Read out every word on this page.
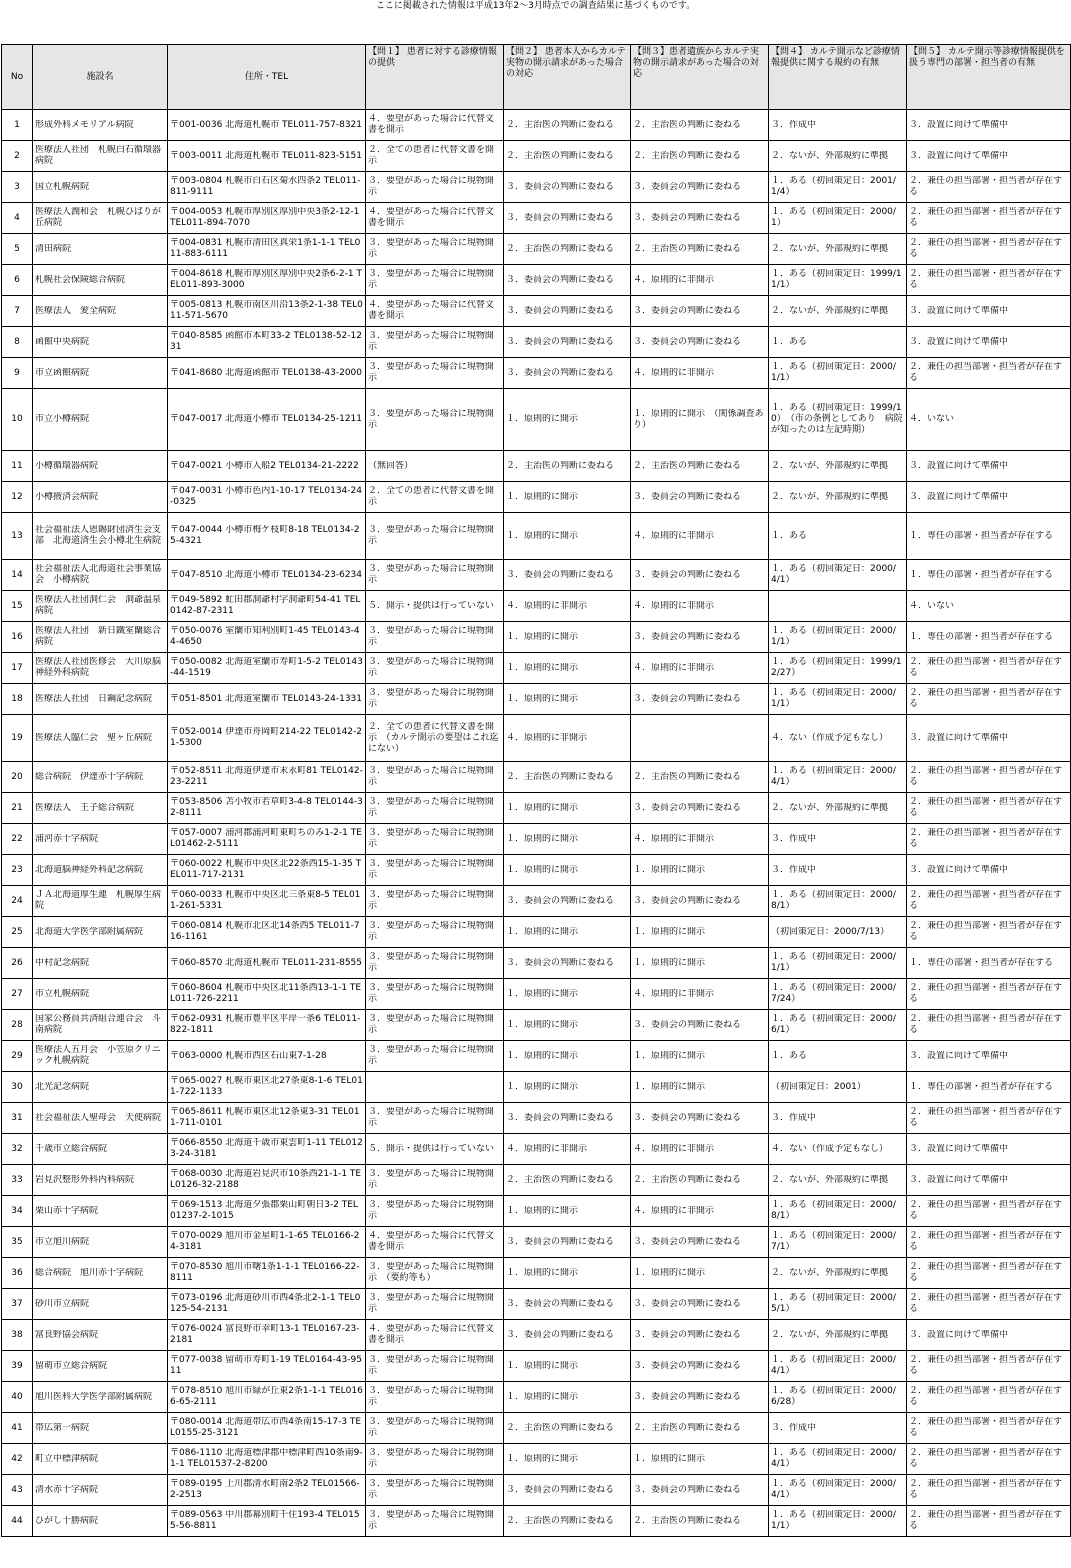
ここに掲載された情報は平成13年2〜3月時点での調査結果に基づくものです。
No	施設名	住所・TEL	【問１】 患者に対する診療情報の提供	【問２】 患者本人からカルテ実物の開示請求があった場合の対応	【問３】患者遺族からカルテ実物の開示請求があった場合の対応	【問４】 カルテ開示など診療情報提供に関する規約の有無	【問５】 カルテ開示等診療情報提供を扱う専門の部署・担当者の有無

1	形成外科メモリアル病院	〒001-0036 北海道札幌市 TEL011-757-8321	４．要望があった場合に代替文書を開示	２．主治医の判断に委ねる	２．主治医の判断に委ねる	３．作成中	３．設置に向けて準備中

2	医療法人社団　札幌白石循環器病院	〒003-0011 北海道札幌市 TEL011-823-5151	２．全ての患者に代替文書を開示	２．主治医の判断に委ねる	２．主治医の判断に委ねる	２．ないが、外部規約に準拠	３．設置に向けて準備中

3	国立札幌病院	〒003-0804 札幌市白石区菊水四条2 TEL011-811-9111	３．要望があった場合に現物開示	３．委員会の判断に委ねる	３．委員会の判断に委ねる	１．ある（初回策定日：2001/1/4）	２．兼任の担当部署・担当者が存在する

4	医療法人潤和会　札幌ひばりが丘病院	〒004-0053 札幌市厚別区厚別中央3条2-12-1 TEL011-894-7070	４．要望があった場合に代替文書を開示	３．委員会の判断に委ねる	３．委員会の判断に委ねる	１．ある（初回策定日：2000/1）	２．兼任の担当部署・担当者が存在する

5	清田病院	〒004-0831 札幌市清田区真栄1条1-1-1 TEL011-883-6111	３．要望があった場合に現物開示	２．主治医の判断に委ねる	２．主治医の判断に委ねる	２．ないが、外部規約に準拠	２．兼任の担当部署・担当者が存在する

6	札幌社会保険総合病院	〒004-8618 札幌市厚別区厚別中央2条6-2-1 TEL011-893-3000	３．要望があった場合に現物開示	３．委員会の判断に委ねる	４．原則的に非開示	１．ある（初回策定日：1999/11/1）	２．兼任の担当部署・担当者が存在する

7	医療法人　愛全病院	〒005-0813 札幌市南区川沿13条2-1-38 TEL011-571-5670	４．要望があった場合に代替文書を開示	３．委員会の判断に委ねる	３．委員会の判断に委ねる	２．ないが、外部規約に準拠	３．設置に向けて準備中

8	函館中央病院	〒040-8585 函館市本町33-2 TEL0138-52-1231	３．要望があった場合に現物開示	３．委員会の判断に委ねる	３．委員会の判断に委ねる	１．ある	３．設置に向けて準備中

9	市立函館病院	〒041-8680 北海道函館市 TEL0138-43-2000	３．要望があった場合に現物開示	３．委員会の判断に委ねる	４．原則的に非開示	１．ある（初回策定日：2000/1/1）	２．兼任の担当部署・担当者が存在する

10	市立小樽病院	〒047-0017 北海道小樽市 TEL0134-25-1211	３．要望があった場合に現物開示	１．原則的に開示	１．原則的に開示　（関係調査あり）	１．ある（初回策定日：1999/10）　（市の条例としてあり　病院が知ったのは左記時期）	４．いない

11	小樽循環器病院	〒047-0021 小樽市入船2 TEL0134-21-2222	（無回答）	２．主治医の判断に委ねる	２．主治医の判断に委ねる	２．ないが、外部規約に準拠	３．設置に向けて準備中

12	小樽掖済会病院	〒047-0031 小樽市色内1-10-17 TEL0134-24-0325	２．全ての患者に代替文書を開示	１．原則的に開示	３．委員会の判断に委ねる	２．ないが、外部規約に準拠	３．設置に向けて準備中

13	社会福祉法人恩賜財団済生会支部　北海道済生会小樽北生病院	〒047-0044 小樽市梅ケ枝町8-18 TEL0134-25-4321	３．要望があった場合に現物開示	１．原則的に開示	４．原則的に非開示	１．ある	１．専任の部署・担当者が存在する

14	社会福祉法人北海道社会事業協会　小樽病院	〒047-8510 北海道小樽市 TEL0134-23-6234	３．要望があった場合に現物開示	３．委員会の判断に委ねる	３．委員会の判断に委ねる	１．ある（初回策定日：2000/4/1）	１．専任の部署・担当者が存在する

15	医療法人社団洞仁会　洞爺温泉病院	〒049-5892 虻田郡洞爺村字洞爺町54-41 TEL0142-87-2311	５．開示・提供は行っていない	４．原則的に非開示	４．原則的に非開示		４．いない

16	医療法人社団　新日鐵室蘭総合病院	〒050-0076 室蘭市知利別町1-45 TEL0143-44-4650	３．要望があった場合に現物開示	１．原則的に開示	３．委員会の判断に委ねる	１．ある（初回策定日：2000/1/1）	１．専任の部署・担当者が存在する

17	医療法人社団医修会　大川原脳神経外科病院	〒050-0082 北海道室蘭市寿町1-5-2 TEL0143-44-1519	３．要望があった場合に現物開示	１．原則的に開示	４．原則的に非開示	１．ある（初回策定日：1999/12/27）	２．兼任の担当部署・担当者が存在する

18	医療法人社団　日鋼記念病院	〒051-8501 北海道室蘭市 TEL0143-24-1331	３．要望があった場合に現物開示	１．原則的に開示	３．委員会の判断に委ねる	１．ある（初回策定日：2000/1/1）	２．兼任の担当部署・担当者が存在する

19	医療法人臨仁会　聖ヶ丘病院	〒052-0014 伊達市舟岡町214-22 TEL0142-21-5300	２．全ての患者に代替文書を開示　（カルテ開示の要望はこれ迄にない）	４．原則的に非開示		４．ない（作成予定もなし）	３．設置に向けて準備中

20	総合病院　伊達赤十字病院	〒052-8511 北海道伊達市末永町81 TEL0142-23-2211	３．要望があった場合に現物開示	２．主治医の判断に委ねる	２．主治医の判断に委ねる	１．ある（初回策定日：2000/4/1）	２．兼任の担当部署・担当者が存在する

21	医療法人　王子総合病院	〒053-8506 苫小牧市若草町3-4-8 TEL0144-32-8111	３．要望があった場合に現物開示	１．原則的に開示	３．委員会の判断に委ねる	２．ないが、外部規約に準拠	２．兼任の担当部署・担当者が存在する

22	浦河赤十字病院	〒057-0007 浦河郡浦河町東町ちのみ1-2-1 TEL01462-2-5111	３．要望があった場合に現物開示	１．原則的に開示	４．原則的に非開示	３．作成中	２．兼任の担当部署・担当者が存在する

23	北海道脳神経外科記念病院	〒060-0022 札幌市中央区北22条西15-1-35 TEL011-717-2131	３．要望があった場合に現物開示	１．原則的に開示	１．原則的に開示	３．作成中	３．設置に向けて準備中

24	ＪＡ北海道厚生連　札幌厚生病院	〒060-0033 札幌市中央区北三条東8-5 TEL011-261-5331	３．要望があった場合に現物開示	３．委員会の判断に委ねる	３．委員会の判断に委ねる	１．ある（初回策定日：2000/8/1）	２．兼任の担当部署・担当者が存在する

25	北海道大学医学部附属病院	〒060-0814 札幌市北区北14条西5 TEL011-716-1161	３．要望があった場合に現物開示	１．原則的に開示	１．原則的に開示	（初回策定日：2000/7/13）	２．兼任の担当部署・担当者が存在する

26	中村記念病院	〒060-8570 北海道札幌市 TEL011-231-8555	３．要望があった場合に現物開示	３．委員会の判断に委ねる	１．原則的に開示	１．ある（初回策定日：2000/1/1）	１．専任の部署・担当者が存在する

27	市立札幌病院	〒060-8604 札幌市中央区北11条西13-1-1 TEL011-726-2211	３．要望があった場合に現物開示	１．原則的に開示	４．原則的に非開示	１．ある（初回策定日：2000/7/24）	２．兼任の担当部署・担当者が存在する

28	国家公務員共済組合連合会　斗南病院	〒062-0931 札幌市豊平区平岸一条6 TEL011-822-1811	３．要望があった場合に現物開示	１．原則的に開示	３．委員会の判断に委ねる	１．ある（初回策定日：2000/6/1）	２．兼任の担当部署・担当者が存在する

29	医療法人五月会　小笠原クリニック札幌病院	〒063-0000 札幌市西区石山東7-1-28	３．要望があった場合に現物開示	１．原則的に開示	１．原則的に開示	１．ある	３．設置に向けて準備中

30	北光記念病院	〒065-0027 札幌市東区北27条東8-1-6 TEL011-722-1133		１．原則的に開示	１．原則的に開示	（初回策定日：2001）	１．専任の部署・担当者が存在する

31	社会福祉法人聖母会　天使病院	〒065-8611 札幌市東区北12条東3-31 TEL011-711-0101	３．要望があった場合に現物開示	３．委員会の判断に委ねる	３．委員会の判断に委ねる	３．作成中	２．兼任の担当部署・担当者が存在する

32	千歳市立総合病院	〒066-8550 北海道千歳市東雲町1-11 TEL0123-24-3181	５．開示・提供は行っていない	４．原則的に非開示	４．原則的に非開示	４．ない（作成予定もなし）	３．設置に向けて準備中

33	岩見沢整形外科内科病院	〒068-0030 北海道岩見沢市10条西21-1-1 TEL0126-32-2188	３．要望があった場合に現物開示	２．主治医の判断に委ねる	２．主治医の判断に委ねる	２．ないが、外部規約に準拠	３．設置に向けて準備中

34	栗山赤十字病院	〒069-1513 北海道夕張郡栗山町朝日3-2 TEL01237-2-1015	３．要望があった場合に現物開示	１．原則的に開示	４．原則的に非開示	１．ある（初回策定日：2000/8/1）	２．兼任の担当部署・担当者が存在する

35	市立旭川病院	〒070-0029 旭川市金星町1-1-65 TEL0166-24-3181	４．要望があった場合に代替文書を開示	３．委員会の判断に委ねる	３．委員会の判断に委ねる	１．ある（初回策定日：2000/7/1）	２．兼任の担当部署・担当者が存在する

36	総合病院　旭川赤十字病院	〒070-8530 旭川市曙1条1-1-1 TEL0166-22-8111	３．要望があった場合に現物開示　（要約等も）	１．原則的に開示	１．原則的に開示	２．ないが、外部規約に準拠	２．兼任の担当部署・担当者が存在する

37	砂川市立病院	〒073-0196 北海道砂川市西4条北2-1-1 TEL0125-54-2131	３．要望があった場合に現物開示	３．委員会の判断に委ねる	３．委員会の判断に委ねる	１．ある（初回策定日：2000/5/1）	２．兼任の担当部署・担当者が存在する

38	富良野協会病院	〒076-0024 富良野市幸町13-1 TEL0167-23-2181	４．要望があった場合に代替文書を開示	３．委員会の判断に委ねる	３．委員会の判断に委ねる	２．ないが、外部規約に準拠	３．設置に向けて準備中

39	留萌市立総合病院	〒077-0038 留萌市寿町1-19 TEL0164-43-9511	３．要望があった場合に現物開示	１．原則的に開示	３．委員会の判断に委ねる	１．ある（初回策定日：2000/4/1）	２．兼任の担当部署・担当者が存在する

40	旭川医科大学医学部附属病院	〒078-8510 旭川市緑が丘東2条1-1-1 TEL0166-65-2111	３．要望があった場合に現物開示	１．原則的に開示	３．委員会の判断に委ねる	１．ある（初回策定日：2000/6/28）	２．兼任の担当部署・担当者が存在する

41	帯広第一病院	〒080-0014 北海道帯広市西4条南15-17-3 TEL0155-25-3121	３．要望があった場合に現物開示	２．主治医の判断に委ねる	２．主治医の判断に委ねる	３．作成中	２．兼任の担当部署・担当者が存在する

42	町立中標津病院	〒086-1110 北海道標津郡中標津町西10条南9-1-1 TEL01537-2-8200	３．要望があった場合に現物開示	１．原則的に開示	１．原則的に開示	１．ある（初回策定日：2000/4/1）	２．兼任の担当部署・担当者が存在する

43	清水赤十字病院	〒089-0195 上川郡清水町南2条2 TEL01566-2-2513	３．要望があった場合に現物開示	３．委員会の判断に委ねる	３．委員会の判断に委ねる	１．ある（初回策定日：2000/4/1）	２．兼任の担当部署・担当者が存在する

44	ひがし十勝病院	〒089-0563 中川郡幕別町千住193-4 TEL0155-56-8811	３．要望があった場合に現物開示	２．主治医の判断に委ねる	２．主治医の判断に委ねる	１．ある（初回策定日：2000/1/1）	２．兼任の担当部署・担当者が存在する
